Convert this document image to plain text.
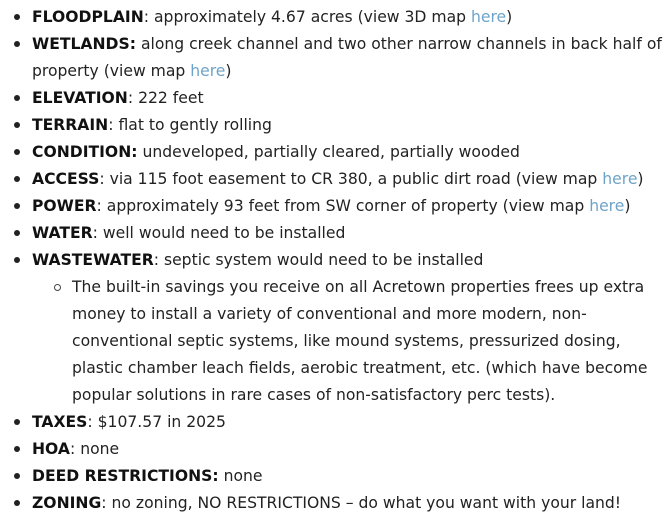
FLOODPLAIN: approximately 4.67 acres (view 3D map here)
WETLANDS: along creek channel and two other narrow channels in back half of property (view map here)
ELEVATION: 222 feet
TERRAIN: flat to gently rolling
CONDITION: undeveloped, partially cleared, partially wooded
ACCESS: via 115 foot easement to CR 380, a public dirt road (view map here)
POWER: approximately 93 feet from SW corner of property (view map here)
WATER: well would need to be installed
WASTEWATER: septic system would need to be installed
The built-in savings you receive on all Acretown properties frees up extra money to install a variety of conventional and more modern, non-conventional septic systems, like mound systems, pressurized dosing, plastic chamber leach fields, aerobic treatment, etc. (which have become popular solutions in rare cases of non-satisfactory perc tests).
TAXES: $107.57 in 2025
HOA: none
DEED RESTRICTIONS: none
ZONING: no zoning, NO RESTRICTIONS – do what you want with your land!
